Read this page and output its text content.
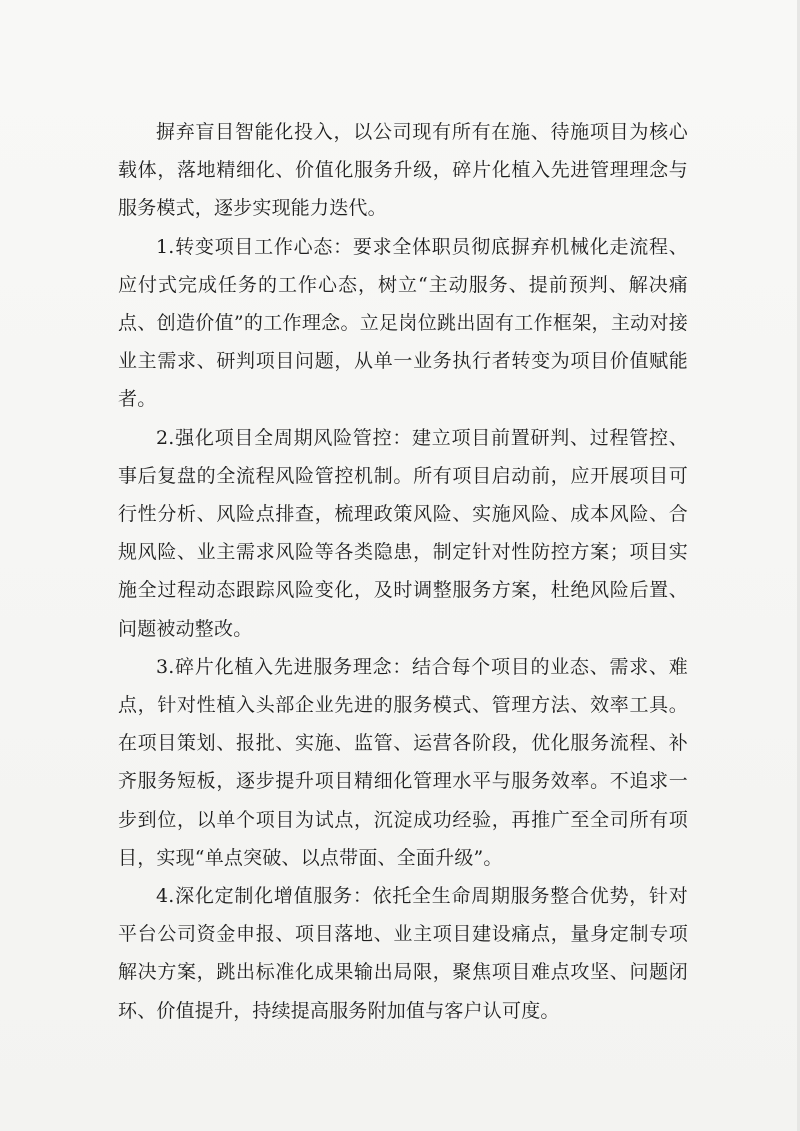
摒弃盲目智能化投入，以公司现有所有在施、待施项目为核心载体，落地精细化、价值化服务升级，碎片化植入先进管理理念与服务模式，逐步实现能力迭代。

1.转变项目工作心态：要求全体职员彻底摒弃机械化走流程、应付式完成任务的工作心态，树立“主动服务、提前预判、解决痛点、创造价值”的工作理念。立足岗位跳出固有工作框架，主动对接业主需求、研判项目问题，从单一业务执行者转变为项目价值赋能者。

2.强化项目全周期风险管控：建立项目前置研判、过程管控、事后复盘的全流程风险管控机制。所有项目启动前，应开展项目可行性分析、风险点排查，梳理政策风险、实施风险、成本风险、合规风险、业主需求风险等各类隐患，制定针对性防控方案；项目实施全过程动态跟踪风险变化，及时调整服务方案，杜绝风险后置、问题被动整改。

3.碎片化植入先进服务理念：结合每个项目的业态、需求、难点，针对性植入头部企业先进的服务模式、管理方法、效率工具。在项目策划、报批、实施、监管、运营各阶段，优化服务流程、补齐服务短板，逐步提升项目精细化管理水平与服务效率。不追求一步到位，以单个项目为试点，沉淀成功经验，再推广至全司所有项目，实现“单点突破、以点带面、全面升级”。

4.深化定制化增值服务：依托全生命周期服务整合优势，针对平台公司资金申报、项目落地、业主项目建设痛点，量身定制专项解决方案，跳出标准化成果输出局限，聚焦项目难点攻坚、问题闭环、价值提升，持续提高服务附加值与客户认可度。
